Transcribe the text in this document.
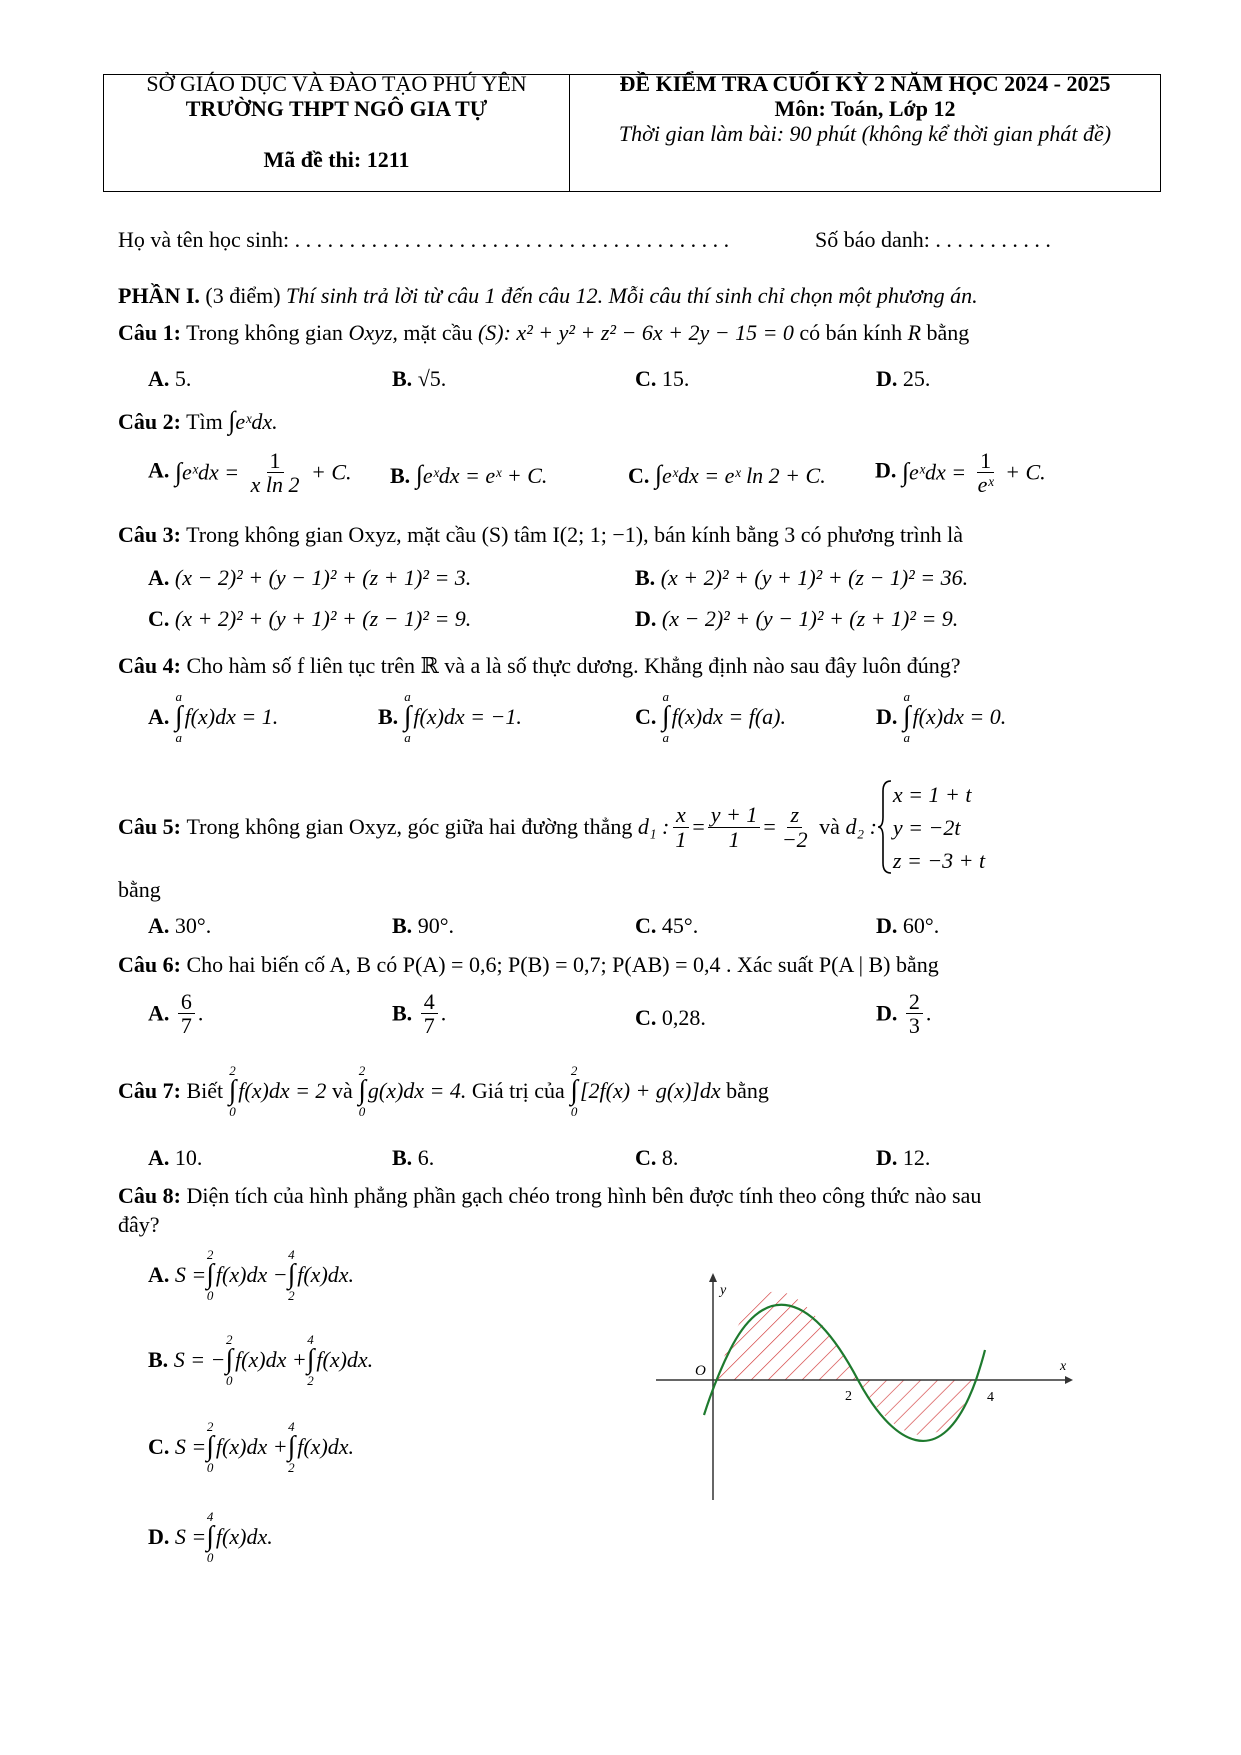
SỞ GIÁO DỤC VÀ ĐÀO TẠO PHÚ YÊN
TRƯỜNG THPT NGÔ GIA TỰ
Mã đề thi: 1211
ĐỀ KIỂM TRA CUỐI KỲ 2 NĂM HỌC 2024 - 2025
Môn: Toán, Lớp 12
Thời gian làm bài: 90 phút (không kể thời gian phát đề)
Họ và tên học sinh: . . . . . . . . . . . . . . . . . . . . . . . . . . . . . . . . . . . . . . . .	Số báo danh: . . . . . . . . . . .
PHẦN I. (3 điểm) Thí sinh trả lời từ câu 1 đến câu 12. Mỗi câu thí sinh chỉ chọn một phương án.
Câu 1: Trong không gian Oxyz, mặt cầu (S): x² + y² + z² − 6x + 2y − 15 = 0 có bán kính R bằng
A. 5.	B. √5.	C. 15.	D. 25.
Câu 2: Tìm ∫eˣdx.
A. ∫eˣdx = $\frac{1}{\text{x ln 2}} + C$. B. ∫eˣdx = eˣ + C.	C. ∫eˣdx = eˣ ln 2 + C. D. ∫eˣdx = $\frac{1}{\text{eˣ}} + C$.
Câu 3: Trong không gian Oxyz, mặt cầu (S) tâm I(2; 1; −1), bán kính bằng 3 có phương trình là
A. (x − 2)² + (y − 1)² + (z + 1)² = 3.	B. (x + 2)² + (y + 1)² + (z − 1)² = 36.
C. (x + 2)² + (y + 1)² + (z − 1)² = 9.	D. (x − 2)² + (y − 1)² + (z + 1)² = 9.
Câu 4: Cho hàm số f liên tục trên ℝ và a là số thực dương. Khẳng định nào sau đây luôn đúng?
A.
a
∫
a
f(x)dx = 1.	B.
a
∫
a
f(x)dx = −1.	C.
a
∫
a
f(x)dx = f(a).	D.
a
∫
a
f(x)dx = 0.
Câu 5:
Trong không gian Oxyz, góc giữa hai đường thẳng
d₁ : $\frac{x}{1} = \frac{y + 1}{1} = \frac{z}{-2}$
và
d₂ :
x = 1 + t
y = −2t
z = −3 + t
bằng
A. 30°.	B. 90°.	C. 45°.	D. 60°.
Câu 6: Cho hai biến cố A, B có P(A) = 0,6; P(B) = 0,7; P(AB) = 0,4 . Xác suất P(A | B) bằng
A. $\frac{6}{7}$ .	B. $\frac{4}{7}$ .	C. 0,28.	D. $\frac{2}{3}$ .
Câu 7:
Biết

2
∫
0
f(x)dx = 2
và

2
∫
0
g(x)dx = 4.
Giá trị của

2
∫
0
[2f(x) + g(x)]dx
bằng
A. 10.	B. 6.	C. 8.	D. 12.
Câu 8: Diện tích của hình phẳng phần gạch chéo trong hình bên được tính theo công thức nào sau
đây?
A.
S =
2
∫
0
f(x)dx −
4
∫
2
f(x)dx.
B.
S = −
2
∫
0
f(x)dx +
4
∫
2
f(x)dx.
C.
S =
2
∫
0
f(x)dx +
4
∫
2
f(x)dx.
D.
S =
4
∫
0
f(x)dx.
y
x
O
2	4
